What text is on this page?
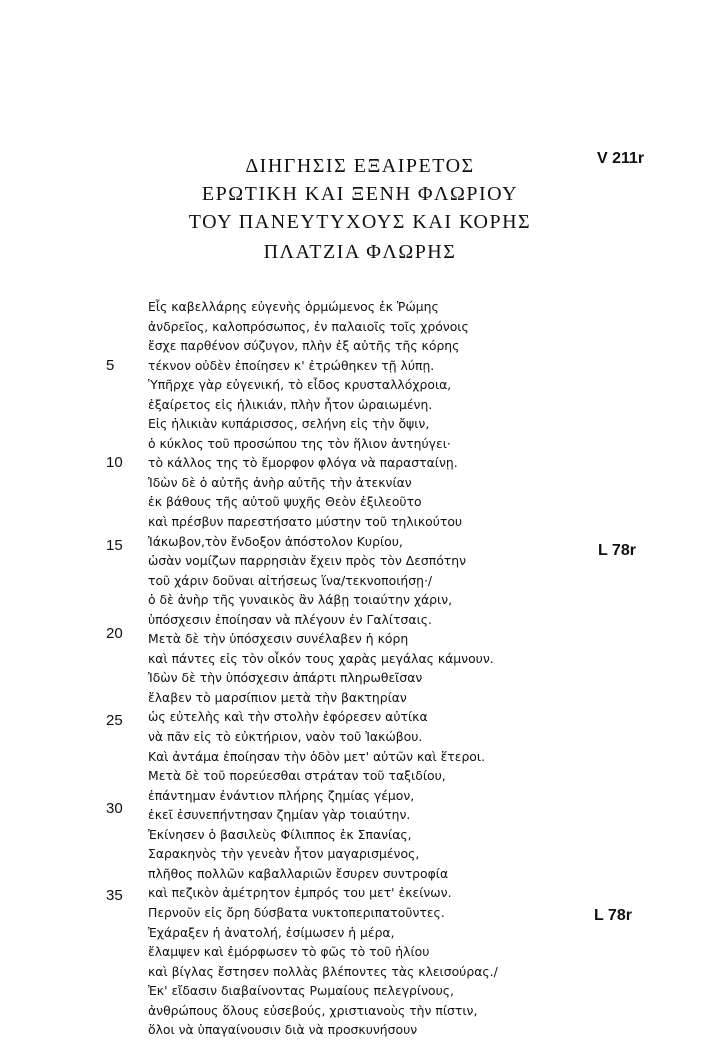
ΔΙΗΓΗΣΙΣ ΕΞΑΙΡΕΤΟΣ
ΕΡΩΤΙΚΗ ΚΑΙ ΞΕΝΗ ΦΛΩΡΙΟΥ
ΤΟΥ ΠΑΝΕΥΤΥΧΟΥΣ ΚΑΙ ΚΟΡΗΣ
ΠΛΑΤΖΙΑ ΦΛΩΡΗΣ
V 211r
L 78r
L 78r
5
10
15
20
25
30
35
Εἷς καβελλάρης εὐγενὴς ὁρμώμενος ἐκ Ῥώμης
ἀνδρεῖος, καλοπρόσωπος, ἐν παλαιοῖς τοῖς χρόνοις
ἔσχε παρθένον σύζυγον, πλὴν ἐξ αὐτῆς τῆς κόρης
τέκνον οὐδὲν ἐποίησεν κ' ἐτρώθηκεν τῇ λύπῃ.
Ὑπῆρχε γὰρ εὐγενική, τὸ εἶδος κρυσταλλόχροια,
ἐξαίρετος εἰς ἡλικιάν, πλὴν ἦτον ὡραιωμένη.
Εἰς ἡλικιὰν κυπάρισσος, σελήνη εἰς τὴν ὄψιν,
ὁ κύκλος τοῦ προσώπου της τὸν ἥλιον ἀντηύγει·
τὸ κάλλος της τὸ ἔμορφον φλόγα νὰ παρασταίνῃ.
Ἰδὼν δὲ ὁ αὐτῆς ἀνὴρ αὐτῆς τὴν ἀτεκνίαν
ἐκ βάθους τῆς αὐτοῦ ψυχῆς Θεὸν ἐξιλεοῦτο
καὶ πρέσβυν παρεστήσατο μύστην τοῦ τηλικούτου
Ἰάκωβον,τὸν ἔνδοξον ἀπόστολον Κυρίου,
ὡσὰν νομίζων παρρησιὰν ἔχειν πρὸς τὸν Δεσπότην
τοῦ χάριν δοῦναι αἰτήσεως ἵνα/τεκνοποιήσῃ·/
ὁ δὲ ἀνὴρ τῆς γυναικὸς ἂν λάβῃ τοιαύτην χάριν,
ὑπόσχεσιν ἐποίησαν νὰ πλέγουν ἐν Γαλίτσαις.
Μετὰ δὲ τὴν ὑπόσχεσιν συνέλαβεν ἡ κόρη
καὶ πάντες εἰς τὸν οἶκόν τους χαρὰς μεγάλας κάμνουν.
Ἰδὼν δὲ τὴν ὑπόσχεσιν ἀπάρτι πληρωθεῖσαν
ἔλαβεν τὸ μαρσίπιον μετὰ τὴν βακτηρίαν
ὡς εὐτελὴς καὶ τὴν στολὴν ἐφόρεσεν αὐτίκα
νὰ πᾶν εἰς τὸ εὐκτήριον, ναὸν τοῦ Ἰακώβου.
Καὶ ἀντάμα ἐποίησαν τὴν ὁδὸν μετ' αὐτῶν καὶ ἕτεροι.
Μετὰ δὲ τοῦ πορεύεσθαι στράταν τοῦ ταξιδίου,
ἐπάντημαν ἐνάντιον πλήρης ζημίας γέμον,
ἐκεῖ ἐσυνεπήντησαν ζημίαν γὰρ τοιαύτην.
Ἐκίνησεν ὁ βασιλεὺς Φίλιππος ἐκ Σπανίας,
Σαρακηνὸς τὴν γενεὰν ἦτον μαγαρισμένος,
πλῆθος πολλῶν καβαλλαριῶν ἔσυρεν συντροφία
καὶ πεζικὸν ἀμέτρητον ἐμπρός του μετ' ἐκείνων.
Περνοῦν εἰς ὄρη δύσβατα νυκτοπεριπατοῦντες.
Ἐχάραξεν ἡ ἀνατολή, ἐσίμωσεν ἡ μέρα,
ἔλαμψεν καὶ ἐμόρφωσεν τὸ φῶς τὸ τοῦ ἡλίου
καὶ βίγλας ἔστησεν πολλὰς βλέποντες τὰς κλεισούρας./
Ἐκ' εἴδασιν διαβαίνοντας Ρωμαίους πελεγρίνους,
ἀνθρώπους ὅλους εὐσεβούς, χριστιανοὺς τὴν πίστιν,
ὅλοι νὰ ὑπαγαίνουσιν διὰ νὰ προσκυνήσουν
